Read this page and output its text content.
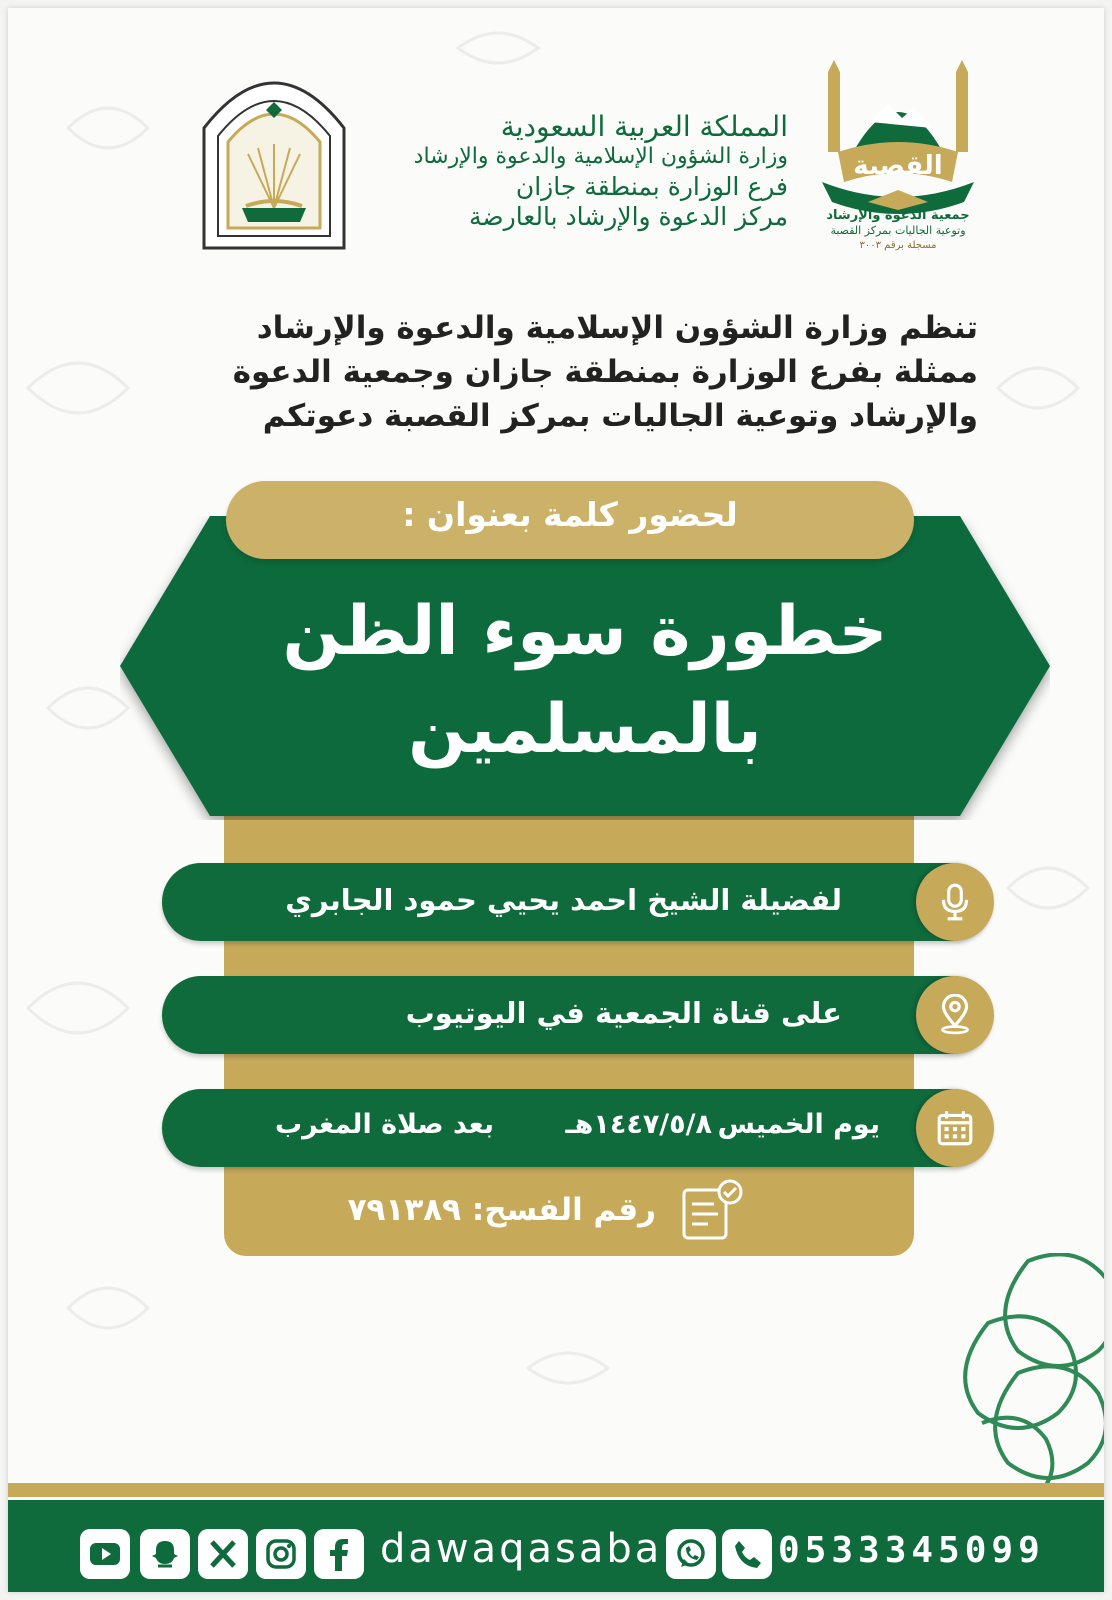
القصبة
جمعية الدعوة والإرشاد
وتوعية الجاليات بمركز القصبة
مسجلة برقم ٣٠٠٣
المملكة العربية السعودية
وزارة الشؤون الإسلامية والدعوة والإرشاد
فرع الوزارة بمنطقة جازان
مركز الدعوة والإرشاد بالعارضة
تنظم وزارة الشؤون الإسلامية والدعوة والإرشاد
ممثلة بفرع الوزارة بمنطقة جازان وجمعية الدعوة
والإرشاد وتوعية الجاليات بمركز القصبة دعوتكم
لحضور كلمة بعنوان :
خطورة سوء الظن
بالمسلمين
لفضيلة الشيخ احمد يحيي حمود الجابري
على قناة الجمعية في اليوتيوب
يوم الخميس
١٤٤٧/٥/٨هـ
بعد صلاة المغرب
رقم الفسح: ٧٩١٣٨٩
dawaqasaba	0533345099
